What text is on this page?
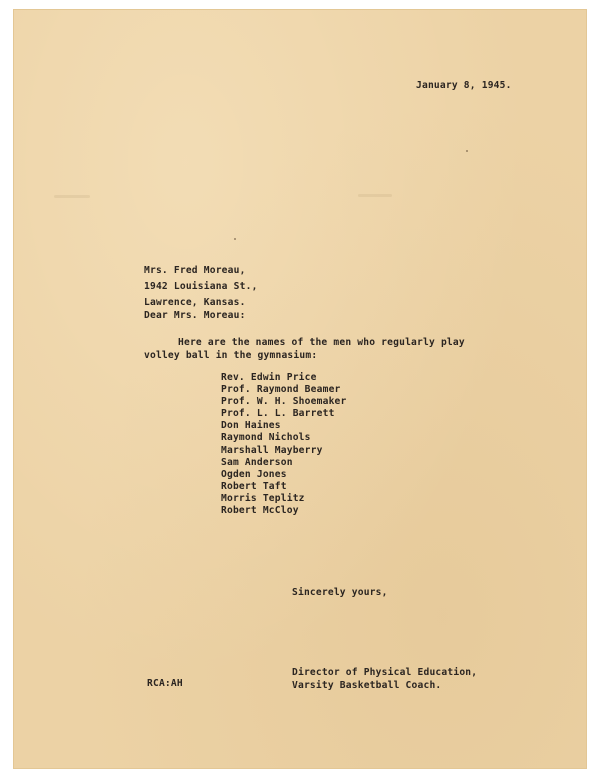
January 8, 1945.
Mrs. Fred Moreau,
1942 Louisiana St.,
Lawrence, Kansas.
Dear Mrs. Moreau:
Here are the names of the men who regularly play
volley ball in the gymnasium:
Rev. Edwin Price
Prof. Raymond Beamer
Prof. W. H. Shoemaker
Prof. L. L. Barrett
Don Haines
Raymond Nichols
Marshall Mayberry
Sam Anderson
Ogden Jones
Robert Taft
Morris Teplitz
Robert McCloy
Sincerely yours,
Director of Physical Education,
Varsity Basketball Coach.
RCA:AH
